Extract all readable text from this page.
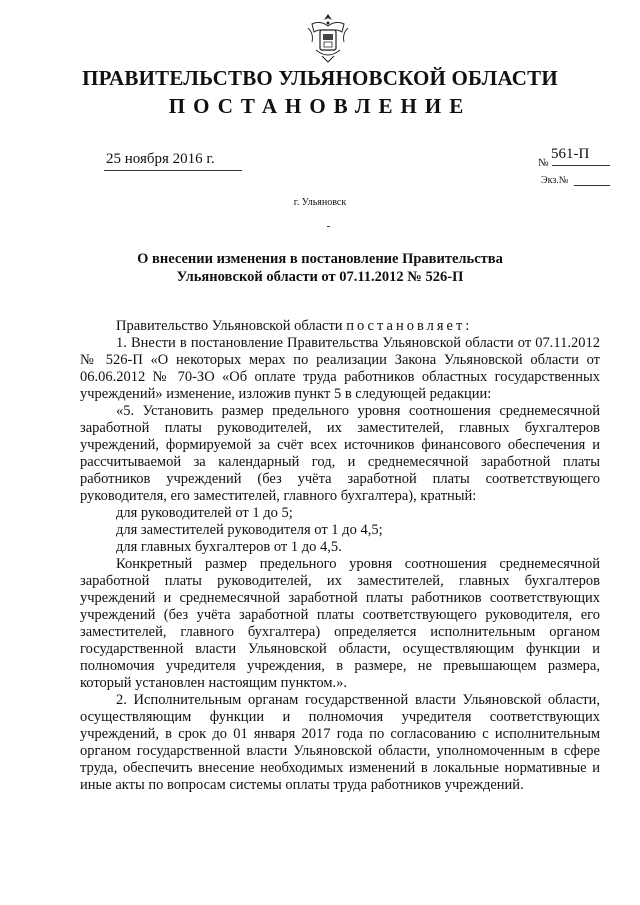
ПРАВИТЕЛЬСТВО УЛЬЯНОВСКОЙ ОБЛАСТИ
ПОСТАНОВЛЕНИЕ
25 ноября 2016 г.	№
561-П
Экз.№
г. Ульяновск
О внесении изменения в постановление Правительства
Ульяновской области от 07.11.2012 № 526-П

Правительство Ульяновской области постановляет:

1. Внести в постановление Правительства Ульяновской области от 07.11.2012 № 526-П «О некоторых мерах по реализации Закона Ульяновской области от 06.06.2012 № 70-ЗО «Об оплате труда работников областных государственных учреждений» изменение, изложив пункт 5 в следующей редакции:

«5. Установить размер предельного уровня соотношения среднемесячной заработной платы руководителей, их заместителей, главных бухгалтеров учреждений, формируемой за счёт всех источников финансового обеспечения и рассчитываемой за календарный год, и среднемесячной заработной платы работников учреждений (без учёта заработной платы соответствующего руководителя, его заместителей, главного бухгалтера), кратный:

для руководителей от 1 до 5;

для заместителей руководителя от 1 до 4,5;

для главных бухгалтеров от 1 до 4,5.

Конкретный размер предельного уровня соотношения среднемесячной заработной платы руководителей, их заместителей, главных бухгалтеров учреждений и среднемесячной заработной платы работников соответствующих учреждений (без учёта заработной платы соответствующего руководителя, его заместителей, главного бухгалтера) определяется исполнительным органом государственной власти Ульяновской области, осуществляющим функции и полномочия учредителя учреждения, в размере, не превышающем размера, который установлен настоящим пунктом.».

2. Исполнительным органам государственной власти Ульяновской области, осуществляющим функции и полномочия учредителя соответствующих учреждений, в срок до 01 января 2017 года по согласованию с исполнительным органом государственной власти Ульяновской области, уполномоченным в сфере труда, обеспечить внесение необходимых изменений в локальные нормативные и иные акты по вопросам системы оплаты труда работников учреждений.
